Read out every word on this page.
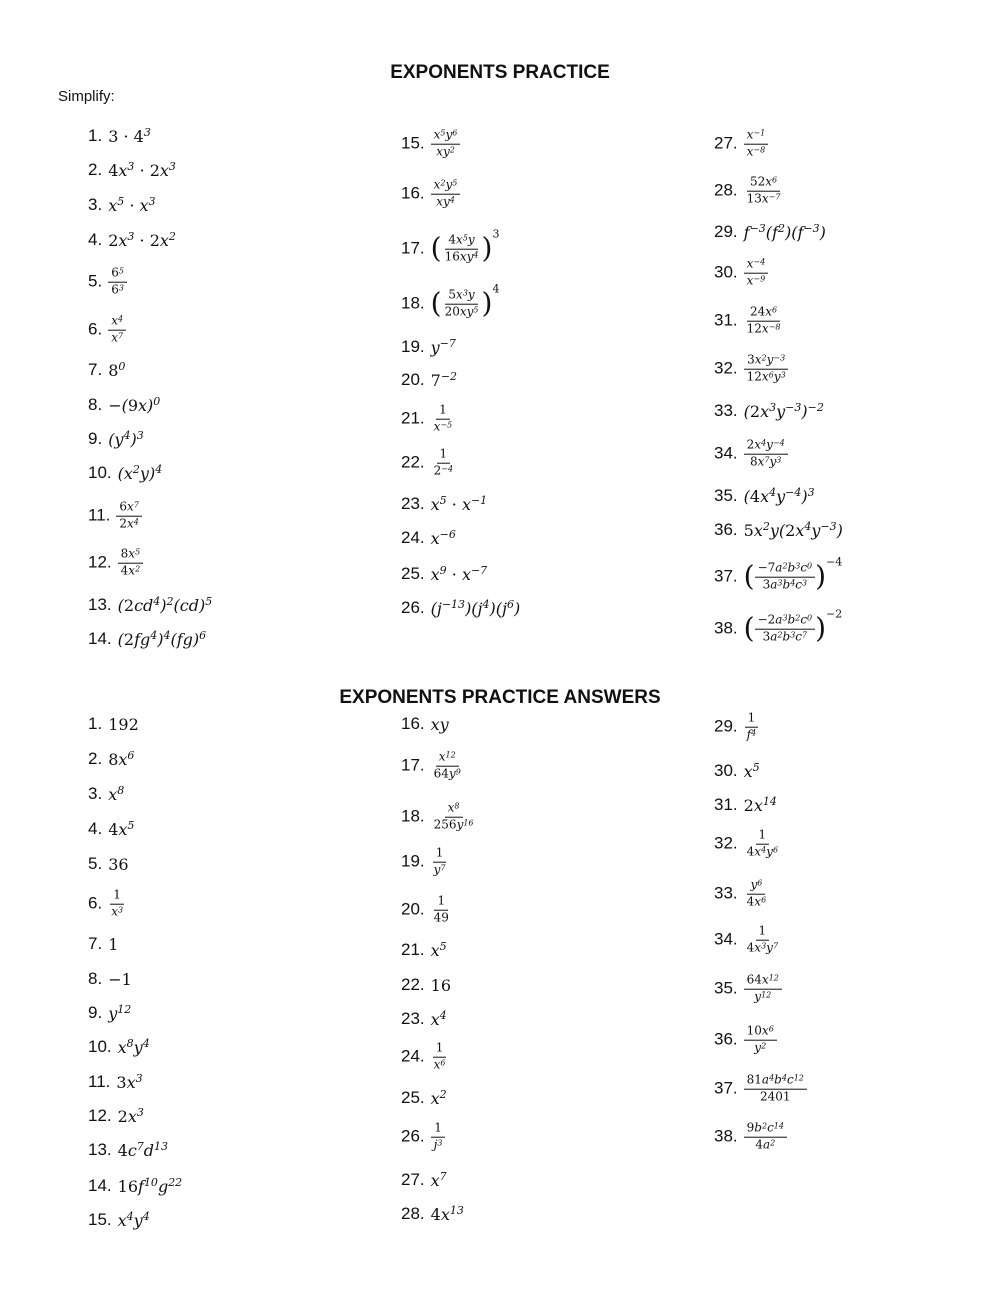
EXPONENTS PRACTICE
Simplify:
EXPONENTS PRACTICE ANSWERS
1. 3
·
$4^3$
2. 4 $x^3$
·
2 $x^3$
3. $x^5$
· $x^3$
4. 2 $x^3$
·
2 $x^2$
5. $\frac{6^5}{6^3}$
6. $\frac{x^4}{x^7}$
7. $8^0$
8. − ( 9 x)$^0$
9. ($y^4$ )$^3$
10. ($x^2$ y)$^4$
11. $\frac{6x^7}{2x^4}$
12. $\frac{8x^5}{4x^2}$
13. ( 2 $cd^4$ )$^2$ (cd)$^5$
14. ( 2 $fg^4$ )$^4$ (fg)$^6$
15. $\frac{x^5y^6}{xy^2}$
16. $\frac{x^2y^5}{xy^4}$
17. ( $\frac{4x^5y}{16xy^4}$ ) 3
18. ( $\frac{5x^3y}{20xy^5}$ ) 4
19. $y^{-7}$
20. $7^{-2}$
21. $\frac{1}{x^{-5}}$
22. $\frac{1}{2^{-4}}$
23. $x^5$
· $x^{-1}$
24. $x^{-6}$
25. $x^9$
· $x^{-7}$
26. ($j^{-13}$ )($j^4$ )($j^6$ )
27. $\frac{x^{-1}}{x^{-8}}$
28. $\frac{52x^6}{13x^{-7}}$
29. $f^{-3}$ ($f^2$ )($f^{-3}$ )
30. $\frac{x^{-4}}{x^{-9}}$
31. $\frac{24x^6}{12x^{-8}}$
32. $\frac{3x^2y^{-3}}{12x^6y^3}$
33. ( 2 $x^3$ $y^{-3}$ )$^{-2}$
34. $\frac{2x^4y^{-4}}{8x^7y^3}$
35. ( 4 $x^4$ $y^{-4}$ )$^3$
36. 5 $x^2$ y( 2 $x^4$ $y^{-3}$ )
37. ( $\frac{-7a^2b^3c^0}{3a^3b^4c^3}$ ) −4
38. ( $\frac{-2a^3b^2c^0}{3a^2b^3c^7}$ ) −2
1. 1 9 2
2. 8 $x^6$
3. $x^8$
4. 4 $x^5$
5. 3 6
6. $\frac{1}{x^3}$
7. 1
8. − 1
9. $y^{12}$
10. $x^8$ $y^4$
11. 3 $x^3$
12. 2 $x^3$
13. 4 $c^7$ $d^{13}$
14. 1 6 $f^{10}$ $g^{22}$
15. $x^4$ $y^4$
16. xy
17. $\frac{x^{12}}{64y^9}$
18. $\frac{x^8}{256y^{16}}$
19. $\frac{1}{y^7}$
20. $\frac{1}{49}$
21. $x^5$
22. 1 6
23. $x^4$
24. $\frac{1}{x^6}$
25. $x^2$
26. $\frac{1}{j^3}$
27. $x^7$
28. 4 $x^{13}$
29. $\frac{1}{f^4}$
30. $x^5$
31. 2 $x^{14}$
32. $\frac{1}{4x^4y^6}$
33. $\frac{y^6}{4x^6}$
34. $\frac{1}{4x^3y^7}$
35. $\frac{64x^{12}}{y^{12}}$
36. $\frac{10x^6}{y^2}$
37. $\frac{81a^4b^4c^{12}}{2401}$
38. $\frac{9b^2c^{14}}{4a^2}$
